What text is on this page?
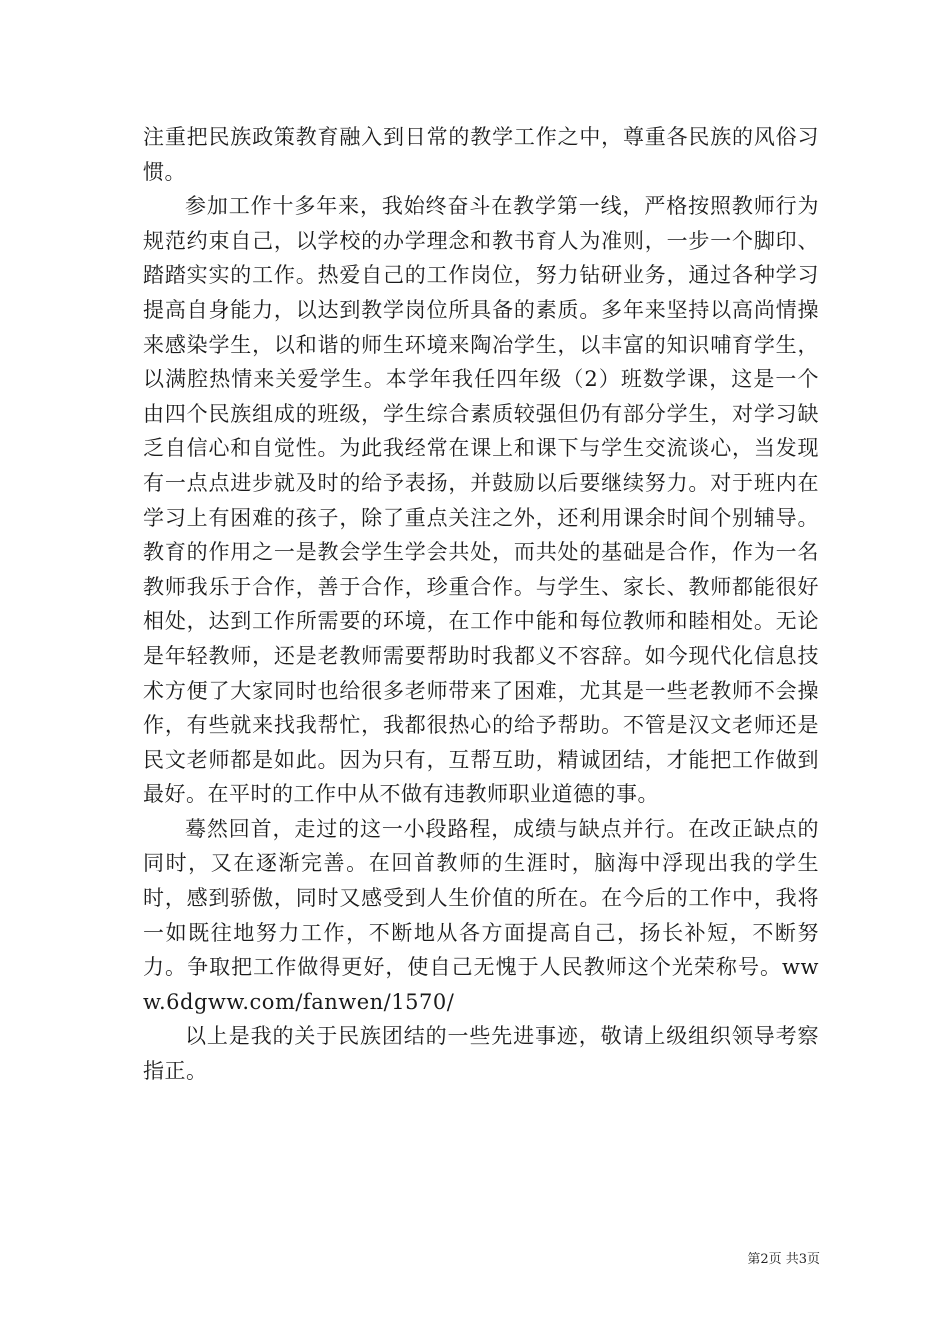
注重把民族政策教育融入到日常的教学工作之中，尊重各民族的风俗习惯。

参加工作十多年来，我始终奋斗在教学第一线，严格按照教师行为规范约束自己，以学校的办学理念和教书育人为准则，一步一个脚印、踏踏实实的工作。热爱自己的工作岗位，努力钻研业务，通过各种学习提高自身能力，以达到教学岗位所具备的素质。多年来坚持以高尚情操来感染学生，以和谐的师生环境来陶冶学生，以丰富的知识哺育学生，以满腔热情来关爱学生。本学年我任四年级（2）班数学课，这是一个由四个民族组成的班级，学生综合素质较强但仍有部分学生，对学习缺乏自信心和自觉性。为此我经常在课上和课下与学生交流谈心，当发现有一点点进步就及时的给予表扬，并鼓励以后要继续努力。对于班内在学习上有困难的孩子，除了重点关注之外，还利用课余时间个别辅导。教育的作用之一是教会学生学会共处，而共处的基础是合作，作为一名教师我乐于合作，善于合作，珍重合作。与学生、家长、教师都能很好相处，达到工作所需要的环境，在工作中能和每位教师和睦相处。无论是年轻教师，还是老教师需要帮助时我都义不容辞。如今现代化信息技术方便了大家同时也给很多老师带来了困难，尤其是一些老教师不会操作，有些就来找我帮忙，我都很热心的给予帮助。不管是汉文老师还是民文老师都是如此。因为只有，互帮互助，精诚团结，才能把工作做到最好。在平时的工作中从不做有违教师职业道德的事。

蓦然回首，走过的这一小段路程，成绩与缺点并行。在改正缺点的同时，又在逐渐完善。在回首教师的生涯时，脑海中浮现出我的学生时，感到骄傲，同时又感受到人生价值的所在。在今后的工作中，我将一如既往地努力工作，不断地从各方面提高自己，扬长补短，不断努力。争取把工作做得更好，使自己无愧于人民教师这个光荣称号。www.6dgww.com/fanwen/1570/

以上是我的关于民族团结的一些先进事迹，敬请上级组织领导考察指正。

第2页 共3页
